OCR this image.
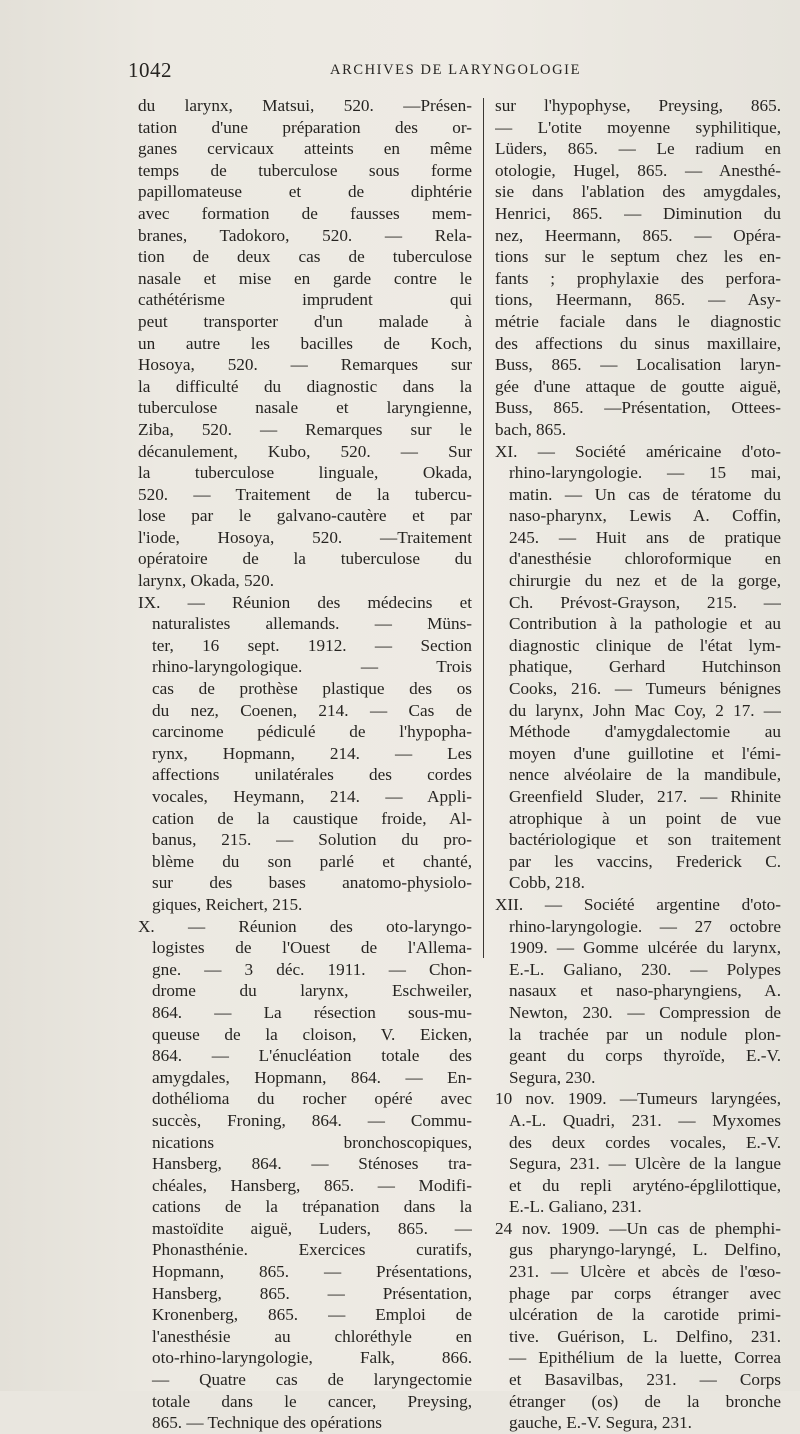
1042	ARCHIVES DE LARYNGOLOGIE
du larynx, Matsui, 520. —Présen-
tation d'une préparation des or-
ganes cervicaux atteints en même
temps de tuberculose sous forme
papillomateuse et de diphtérie
avec formation de fausses mem-
branes, Tadokoro, 520. — Rela-
tion de deux cas de tuberculose
nasale et mise en garde contre le
cathétérisme imprudent qui
peut transporter d'un malade à
un autre les bacilles de Koch,
Hosoya, 520. — Remarques sur
la difficulté du diagnostic dans la
tuberculose nasale et laryngienne,
Ziba, 520. — Remarques sur le
décanulement, Kubo, 520. — Sur
la tuberculose linguale, Okada,
520. — Traitement de la tubercu-
lose par le galvano-cautère et par
l'iode, Hosoya, 520. —Traitement
opératoire de la tuberculose du
larynx, Okada, 520.
IX. — Réunion des médecins et
naturalistes allemands. — Müns-
ter, 16 sept. 1912. — Section
rhino-laryngologique. — Trois
cas de prothèse plastique des os
du nez, Coenen, 214. — Cas de
carcinome pédiculé de l'hypopha-
rynx, Hopmann, 214. — Les
affections unilatérales des cordes
vocales, Heymann, 214. — Appli-
cation de la caustique froide, Al-
banus, 215. — Solution du pro-
blème du son parlé et chanté,
sur des bases anatomo-physiolo-
giques, Reichert, 215.
X. — Réunion des oto-laryngo-
logistes de l'Ouest de l'Allema-
gne. — 3 déc. 1911. — Chon-
drome du larynx, Eschweiler,
864. — La résection sous-mu-
queuse de la cloison, V. Eicken,
864. — L'énucléation totale des
amygdales, Hopmann, 864. — En-
dothélioma du rocher opéré avec
succès, Froning, 864. — Commu-
nications bronchoscopiques,
Hansberg, 864. — Sténoses tra-
chéales, Hansberg, 865. — Modifi-
cations de la trépanation dans la
mastoïdite aiguë, Luders, 865. —
Phonasthénie. Exercices curatifs,
Hopmann, 865. — Présentations,
Hansberg, 865. — Présentation,
Kronenberg, 865. — Emploi de
l'anesthésie au chloréthyle en
oto-rhino-laryngologie, Falk, 866.
— Quatre cas de laryngectomie
totale dans le cancer, Preysing,
865. — Technique des opérations
sur l'hypophyse, Preysing, 865.
— L'otite moyenne syphilitique,
Lüders, 865. — Le radium en
otologie, Hugel, 865. — Anesthé-
sie dans l'ablation des amygdales,
Henrici, 865. — Diminution du
nez, Heermann, 865. — Opéra-
tions sur le septum chez les en-
fants ; prophylaxie des perfora-
tions, Heermann, 865. — Asy-
métrie faciale dans le diagnostic
des affections du sinus maxillaire,
Buss, 865. — Localisation laryn-
gée d'une attaque de goutte aiguë,
Buss, 865. —Présentation, Ottees-
bach, 865.
XI. — Société américaine d'oto-
rhino-laryngologie. — 15 mai,
matin. — Un cas de tératome du
naso-pharynx, Lewis A. Coffin,
245. — Huit ans de pratique
d'anesthésie chloroformique en
chirurgie du nez et de la gorge,
Ch. Prévost-Grayson, 215. —
Contribution à la pathologie et au
diagnostic clinique de l'état lym-
phatique, Gerhard Hutchinson
Cooks, 216. — Tumeurs bénignes
du larynx, John Mac Coy, 2 17. —
Méthode d'amygdalectomie au
moyen d'une guillotine et l'émi-
nence alvéolaire de la mandibule,
Greenfield Sluder, 217. — Rhinite
atrophique à un point de vue
bactériologique et son traitement
par les vaccins, Frederick C.
Cobb, 218.
XII. — Société argentine d'oto-
rhino-laryngologie. — 27 octobre
1909. — Gomme ulcérée du larynx,
E.-L. Galiano, 230. — Polypes
nasaux et naso-pharyngiens, A.
Newton, 230. — Compression de
la trachée par un nodule plon-
geant du corps thyroïde, E.-V.
Segura, 230.
10 nov. 1909. —Tumeurs laryngées,
A.-L. Quadri, 231. — Myxomes
des deux cordes vocales, E.-V.
Segura, 231. — Ulcère de la langue
et du repli aryténo-épglilottique,
E.-L. Galiano, 231.
24 nov. 1909. —Un cas de phemphi-
gus pharyngo-laryngé, L. Delfino,
231. — Ulcère et abcès de l'œso-
phage par corps étranger avec
ulcération de la carotide primi-
tive. Guérison, L. Delfino, 231.
— Epithélium de la luette, Correa
et Basavilbas, 231. — Corps
étranger (os) de la bronche
gauche, E.-V. Segura, 231.
